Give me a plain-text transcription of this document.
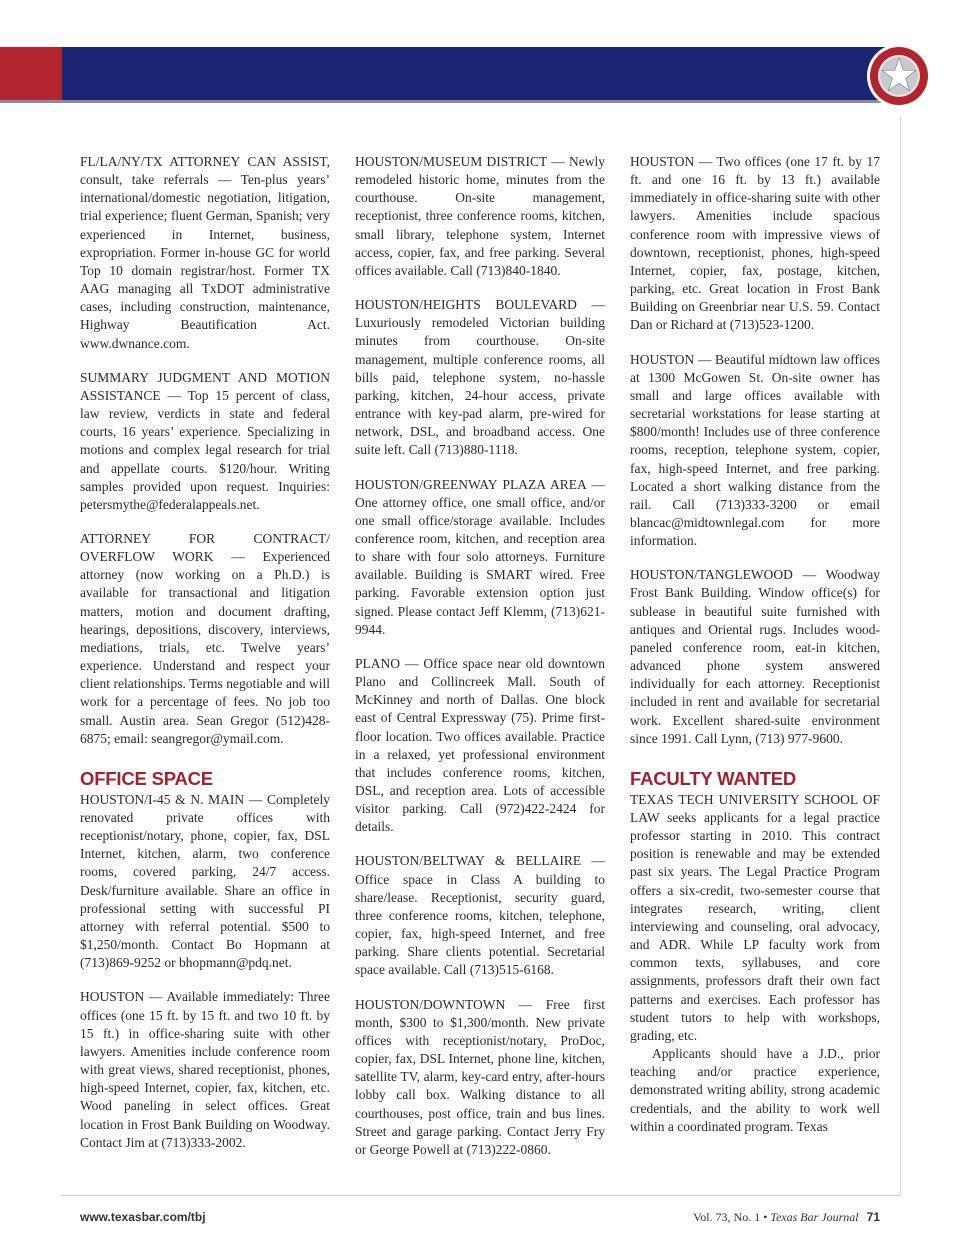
FL/LA/NY/TX ATTORNEY CAN ASSIST, consult, take referrals — Ten-plus years’ international/domestic negotiation, litigation, trial experience; fluent German, Spanish; very experienced in Internet, business, expropriation. Former in-house GC for world Top 10 domain registrar/host. Former TX AAG managing all TxDOT administrative cases, including construction, maintenance, Highway Beautification Act. www.dwnance.com.

SUMMARY JUDGMENT AND MOTION ASSISTANCE — Top 15 percent of class, law review, verdicts in state and federal courts, 16 years’ experience. Specializing in motions and complex legal research for trial and appellate courts. $120/hour. Writing samples provided upon request. Inquiries: petersmythe@federalappeals.net.

ATTORNEY FOR CONTRACT/ OVERFLOW WORK — Experienced attorney (now working on a Ph.D.) is available for transactional and litigation matters, motion and document drafting, hearings, depositions, discovery, interviews, mediations, trials, etc. Twelve years’ experience. Understand and respect your client relationships. Terms negotiable and will work for a percentage of fees. No job too small. Austin area. Sean Gregor (512)428-6875; email: seangregor@ymail.com.

OFFICE SPACE

HOUSTON/I-45 & N. MAIN — Completely renovated private offices with receptionist/notary, phone, copier, fax, DSL Internet, kitchen, alarm, two conference rooms, covered parking, 24/7 access. Desk/furniture available. Share an office in professional setting with successful PI attorney with referral potential. $500 to $1,250/month. Contact Bo Hopmann at (713)869-9252 or bhopmann@pdq.net.

HOUSTON — Available immediately: Three offices (one 15 ft. by 15 ft. and two 10 ft. by 15 ft.) in office-sharing suite with other lawyers. Amenities include conference room with great views, shared receptionist, phones, high-speed Internet, copier, fax, kitchen, etc. Wood paneling in select offices. Great location in Frost Bank Building on Woodway. Contact Jim at (713)333-2002.

HOUSTON/MUSEUM DISTRICT — Newly remodeled historic home, minutes from the courthouse. On-site management, receptionist, three conference rooms, kitchen, small library, telephone system, Internet access, copier, fax, and free parking. Several offices available. Call (713)840-1840.

HOUSTON/HEIGHTS BOULEVARD — Luxuriously remodeled Victorian building minutes from courthouse. On-site management, multiple conference rooms, all bills paid, telephone system, no-hassle parking, kitchen, 24-hour access, private entrance with key-pad alarm, pre-wired for network, DSL, and broadband access. One suite left. Call (713)880-1118.

HOUSTON/GREENWAY PLAZA AREA — One attorney office, one small office, and/or one small office/storage available. Includes conference room, kitchen, and reception area to share with four solo attorneys. Furniture available. Building is SMART wired. Free parking. Favorable extension option just signed. Please contact Jeff Klemm, (713)621-9944.

PLANO — Office space near old downtown Plano and Collincreek Mall. South of McKinney and north of Dallas. One block east of Central Expressway (75). Prime first-floor location. Two offices available. Practice in a relaxed, yet professional environment that includes conference rooms, kitchen, DSL, and reception area. Lots of accessible visitor parking. Call (972)422-2424 for details.

HOUSTON/BELTWAY & BELLAIRE — Office space in Class A building to share/lease. Receptionist, security guard, three conference rooms, kitchen, telephone, copier, fax, high-speed Internet, and free parking. Share clients potential. Secretarial space available. Call (713)515-6168.

HOUSTON/DOWNTOWN — Free first month, $300 to $1,300/month. New private offices with receptionist/notary, ProDoc, copier, fax, DSL Internet, phone line, kitchen, satellite TV, alarm, key-card entry, after-hours lobby call box. Walking distance to all courthouses, post office, train and bus lines. Street and garage parking. Contact Jerry Fry or George Powell at (713)222-0860.

HOUSTON — Two offices (one 17 ft. by 17 ft. and one 16 ft. by 13 ft.) available immediately in office-sharing suite with other lawyers. Amenities include spacious conference room with impressive views of downtown, receptionist, phones, high-speed Internet, copier, fax, postage, kitchen, parking, etc. Great location in Frost Bank Building on Greenbriar near U.S. 59. Contact Dan or Richard at (713)523-1200.

HOUSTON — Beautiful midtown law offices at 1300 McGowen St. On-site owner has small and large offices available with secretarial workstations for lease starting at $800/month! Includes use of three conference rooms, reception, telephone system, copier, fax, high-speed Internet, and free parking. Located a short walking distance from the rail. Call (713)333-3200 or email blancac@midtownlegal.com for more information.

HOUSTON/TANGLEWOOD — Woodway Frost Bank Building. Window office(s) for sublease in beautiful suite furnished with antiques and Oriental rugs. Includes wood-paneled conference room, eat-in kitchen, advanced phone system answered individually for each attorney. Receptionist included in rent and available for secretarial work. Excellent shared-suite environment since 1991. Call Lynn, (713) 977-9600.

FACULTY WANTED

TEXAS TECH UNIVERSITY SCHOOL OF LAW seeks applicants for a legal practice professor starting in 2010. This contract position is renewable and may be extended past six years. The Legal Practice Program offers a six-credit, two-semester course that integrates research, writing, client interviewing and counseling, oral advocacy, and ADR. While LP faculty work from common texts, syllabuses, and core assignments, professors draft their own fact patterns and exercises. Each professor has student tutors to help with workshops, grading, etc.

Applicants should have a J.D., prior teaching and/or practice experience, demonstrated writing ability, strong academic credentials, and the ability to work well within a coordinated program. Texas

www.texasbar.com/tbj	Vol. 73, No. 1 • Texas Bar Journal 71
